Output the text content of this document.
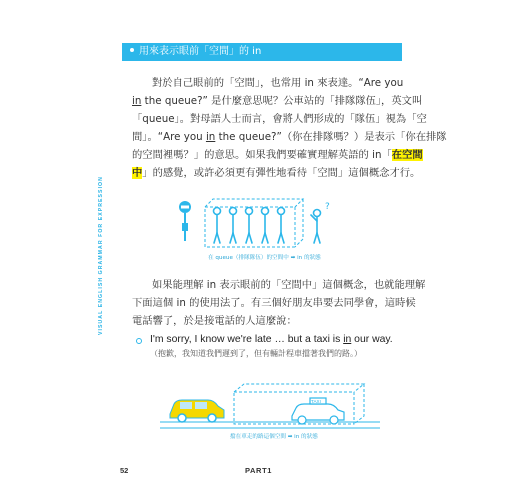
VISUAL ENGLISH GRAMMAR FOR EXPRESSION
用來表示眼前「空間」的 in
對於自己眼前的「空間」，也常用 in 來表達。“Are you
in the queue?” 是什麼意思呢？公車站的「排隊隊伍」，英文叫
「queue」。對母語人士而言，會將人們形成的「隊伍」視為「空
間」。“Are you in the queue?”（你在排隊嗎？）是表示「你在排隊
的空間裡嗎？」的意思。如果我們要確實理解英語的 in「在空間
中」的感覺，或許必須更有彈性地看待「空間」這個概念才行。
?
在 queue（排隊隊伍）的空間中 ➡ in 的狀態
如果能理解 in 表示眼前的「空間中」這個概念，也就能理解
下面這個 in 的使用法了。有三個好朋友串要去同學會，這時候
電話響了，於是接電話的人這麼說：
I'm sorry, I know we're late … but a taxi is in our way.
（抱歉，我知道我們遲到了，但有輛計程車擋著我們的路。）
TAXI
擋在車走的路這個空間 ➡ in 的狀態
52	PART1
